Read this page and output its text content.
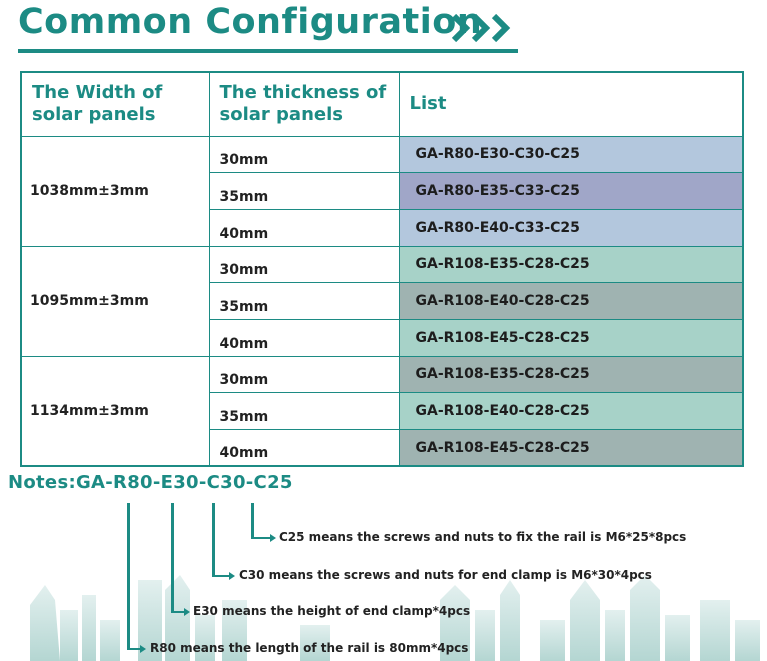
Common Configuration
The Width of solar panels	The thickness of solar panels	List
1038mm±3mm	30mm	GA-R80-E30-C30-C25
	35mm	GA-R80-E35-C33-C25
	40mm	GA-R80-E40-C33-C25
1095mm±3mm	30mm	GA-R108-E35-C28-C25
	35mm	GA-R108-E40-C28-C25
	40mm	GA-R108-E45-C28-C25
1134mm±3mm	30mm	GA-R108-E35-C28-C25
	35mm	GA-R108-E40-C28-C25
	40mm	GA-R108-E45-C28-C25
Notes:GA-R80-E30-C30-C25
C25 means the screws and nuts to fix the rail is M6*25*8pcs
C30 means the screws and nuts for end clamp is M6*30*4pcs
E30 means the height of end clamp*4pcs
R80 means the length of the rail is 80mm*4pcs
